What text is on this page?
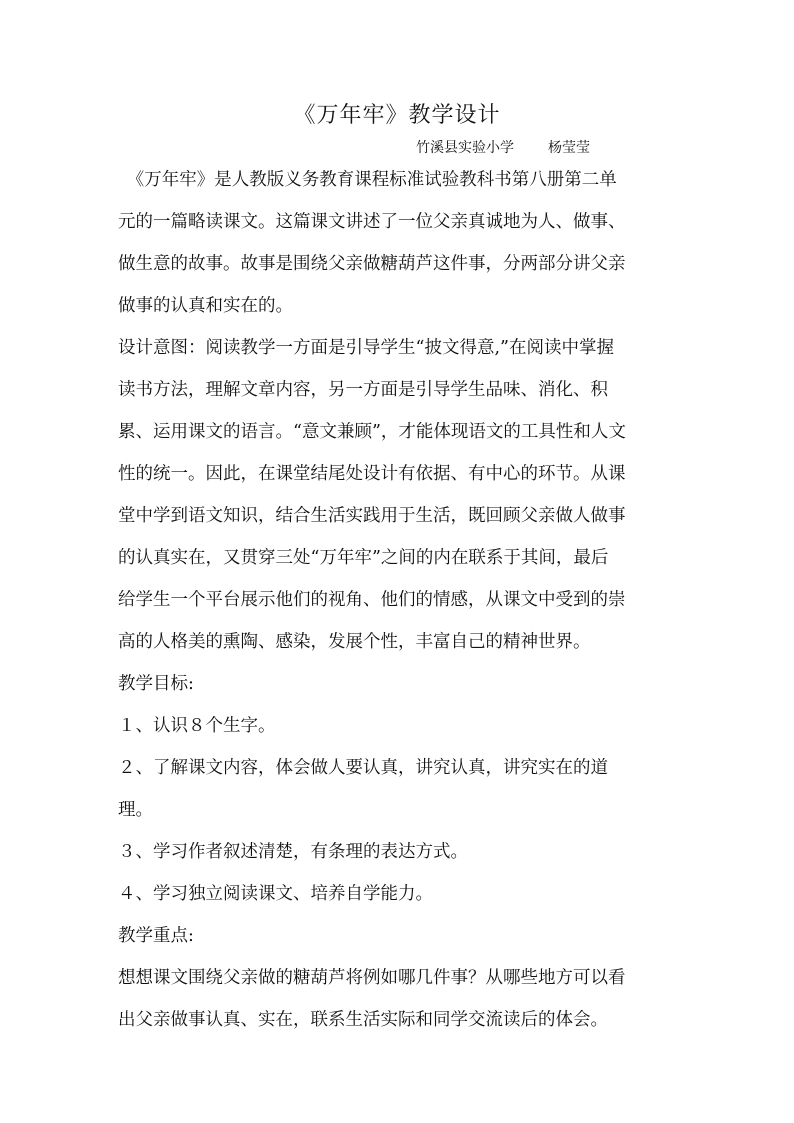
《万年牢》教学设计
竹溪县实验小学 杨莹莹

　《万年牢》是人教版义务教育课程标准试验教科书第八册第二单

元的一篇略读课文。这篇课文讲述了一位父亲真诚地为人、做事、

做生意的故事。故事是围绕父亲做糖葫芦这件事，分两部分讲父亲

做事的认真和实在的。

设计意图：阅读教学一方面是引导学生“披文得意,”在阅读中掌握

读书方法，理解文章内容，另一方面是引导学生品味、消化、积

累、运用课文的语言。“意文兼顾”，才能体现语文的工具性和人文

性的统一。因此，在课堂结尾处设计有依据、有中心的环节。从课

堂中学到语文知识，结合生活实践用于生活，既回顾父亲做人做事

的认真实在，又贯穿三处“万年牢”之间的内在联系于其间，最后

给学生一个平台展示他们的视角、他们的情感，从课文中受到的崇

高的人格美的熏陶、感染，发展个性，丰富自己的精神世界。

教学目标:

１、认识８个生字。

２、了解课文内容，体会做人要认真，讲究认真，讲究实在的道

理。

３、学习作者叙述清楚，有条理的表达方式。

４、学习独立阅读课文、培养自学能力。

教学重点:

想想课文围绕父亲做的糖葫芦将例如哪几件事？从哪些地方可以看

出父亲做事认真、实在，联系生活实际和同学交流读后的体会。
